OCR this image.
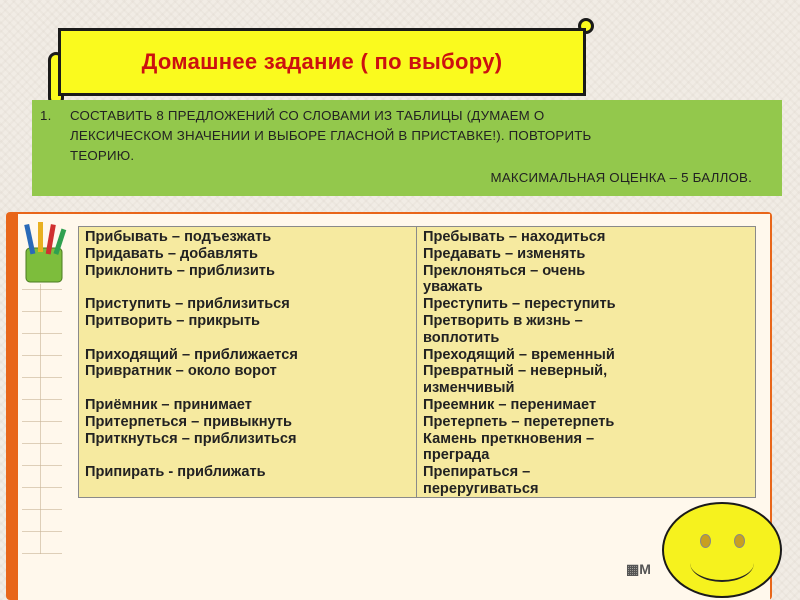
Домашнее задание ( по выбору)
1. СОСТАВИТЬ 8 ПРЕДЛОЖЕНИЙ СО СЛОВАМИ ИЗ ТАБЛИЦЫ (ДУМАЕМ О
ЛЕКСИЧЕСКОМ ЗНАЧЕНИИ И ВЫБОРЕ ГЛАСНОЙ В ПРИСТАВКЕ!). ПОВТОРИТЬ
ТЕОРИЮ.
МАКСИМАЛЬНАЯ ОЦЕНКА – 5 БАЛЛОВ.
Прибывать – подъезжать
Придавать – добавлять
Приклонить – приблизить
Приступить – приблизиться
Притворить – прикрыть
Приходящий – приближается
Привратник – около ворот
Приёмник – принимает
Притерпеться – привыкнуть
Приткнуться – приблизиться
Припирать - приближать
Пребывать – находиться
Предавать – изменять
Преклоняться – очень
уважать
Преступить – переступить
Претворить в жизнь –
воплотить
Преходящий – временный
Превратный – неверный,
изменчивый
Преемник – перенимает
Претерпеть – перетерпеть
Камень преткновения –
преграда
Препираться –
переругиваться
▦M
